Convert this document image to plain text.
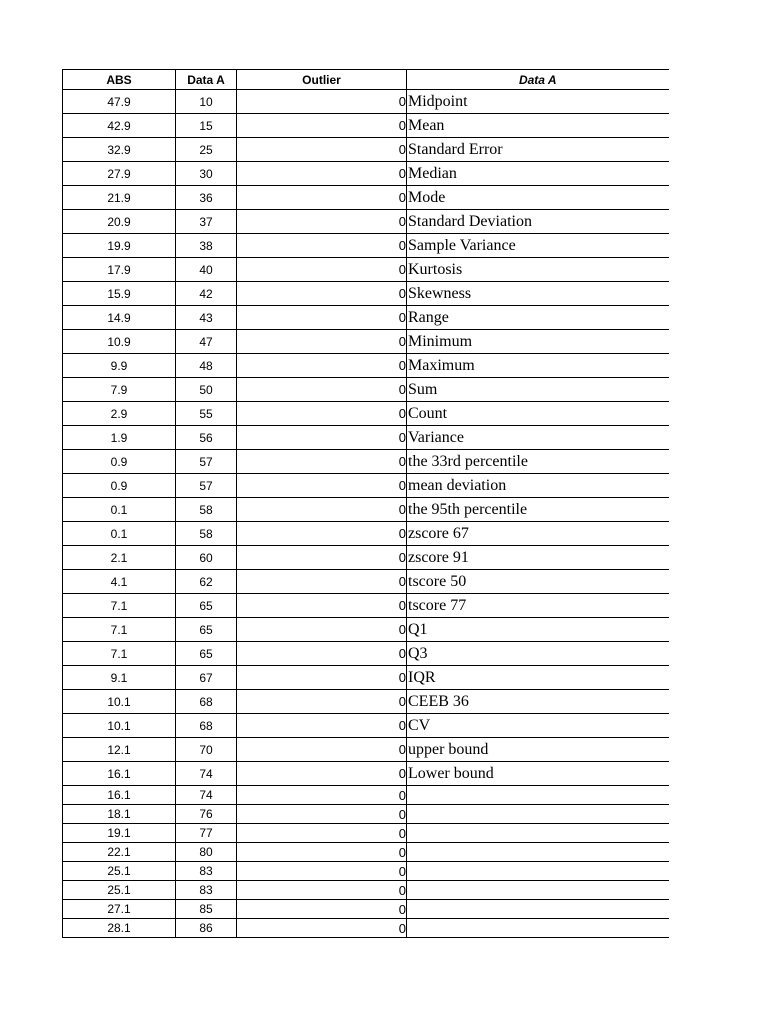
ABS	Data A	Outlier	Data A
47.9	10	0	Midpoint
42.9	15	0	Mean
32.9	25	0	Standard Error
27.9	30	0	Median
21.9	36	0	Mode
20.9	37	0	Standard Deviation
19.9	38	0	Sample Variance
17.9	40	0	Kurtosis
15.9	42	0	Skewness
14.9	43	0	Range
10.9	47	0	Minimum
9.9	48	0	Maximum
7.9	50	0	Sum
2.9	55	0	Count
1.9	56	0	Variance
0.9	57	0	the 33rd percentile
0.9	57	0	mean deviation
0.1	58	0	the 95th percentile
0.1	58	0	zscore 67
2.1	60	0	zscore 91
4.1	62	0	tscore 50
7.1	65	0	tscore 77
7.1	65	0	Q1
7.1	65	0	Q3
9.1	67	0	IQR
10.1	68	0	CEEB 36
10.1	68	0	CV
12.1	70	0	upper bound
16.1	74	0	Lower bound
16.1	74	0	
18.1	76	0	
19.1	77	0	
22.1	80	0	
25.1	83	0	
25.1	83	0	
27.1	85	0	
28.1	86	0	
